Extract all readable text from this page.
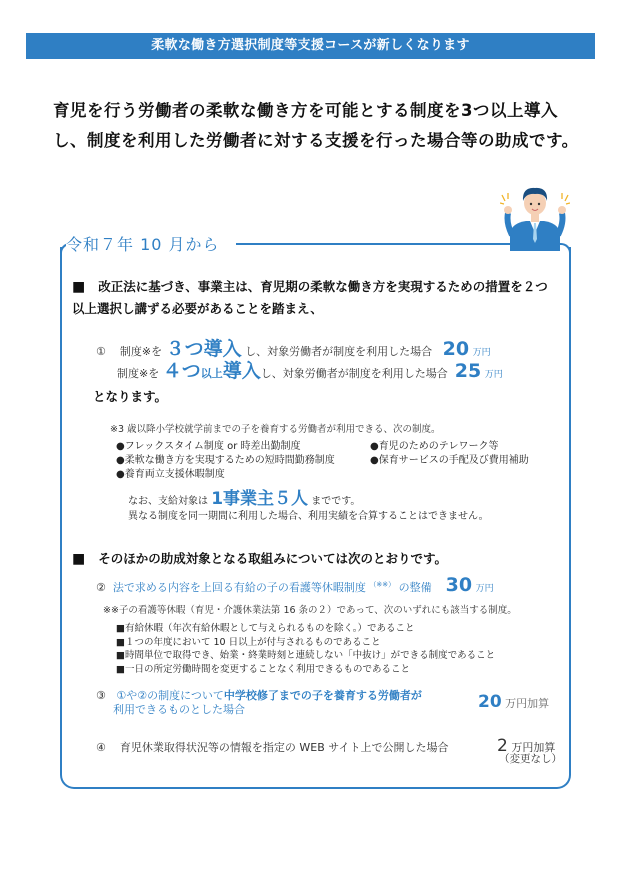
柔軟な働き方選択制度等支援コースが新しくなります
育児を行う労働者の柔軟な働き方を可能とする制度を3つ以上導入し、制度を利用した労働者に対する支援を行った場合等の助成です。
令和７年 10 月から
■ 改正法に基づき、事業主は、育児期の柔軟な働き方を実現するための措置を２つ以上選択し講ずる必要があることを踏まえ、
① 制度※を ３つ導入 し、対象労働者が制度を利用した場合 20 万円
制度※を ４つ以上導入し、対象労働者が制度を利用した場合 25 万円
となります。
※3 歳以降小学校就学前までの子を養育する労働者が利用できる、次の制度。
●フレックスタイム制度 or 時差出勤制度
●柔軟な働き方を実現するための短時間勤務制度
●養育両立支援休暇制度
●育児のためのテレワーク等
●保育サービスの手配及び費用補助
なお、支給対象は 1事業主５人 までです。
異なる制度を同一期間に利用した場合、利用実績を合算することはできません。
■ そのほかの助成対象となる取組みについては次のとおりです。
② 法で求める内容を上回る有給の子の看護等休暇制度 （※※） の整備 30 万円
※※子の看護等休暇（育児・介護休業法第 16 条の２）であって、次のいずれにも該当する制度。
■有給休暇（年次有給休暇として与えられるものを除く。）であること
■１つの年度において 10 日以上が付与されるものであること
■時間単位で取得でき、始業・終業時刻と連続しない「中抜け」ができる制度であること
■一日の所定労働時間を変更することなく利用できるものであること
③ ①や②の制度について中学校修了までの子を養育する労働者が
利用できるものとした場合	20 万円加算
④ 育児休業取得状況等の情報を指定の WEB サイト上で公開した場合	2 万円加算
（変更なし）
